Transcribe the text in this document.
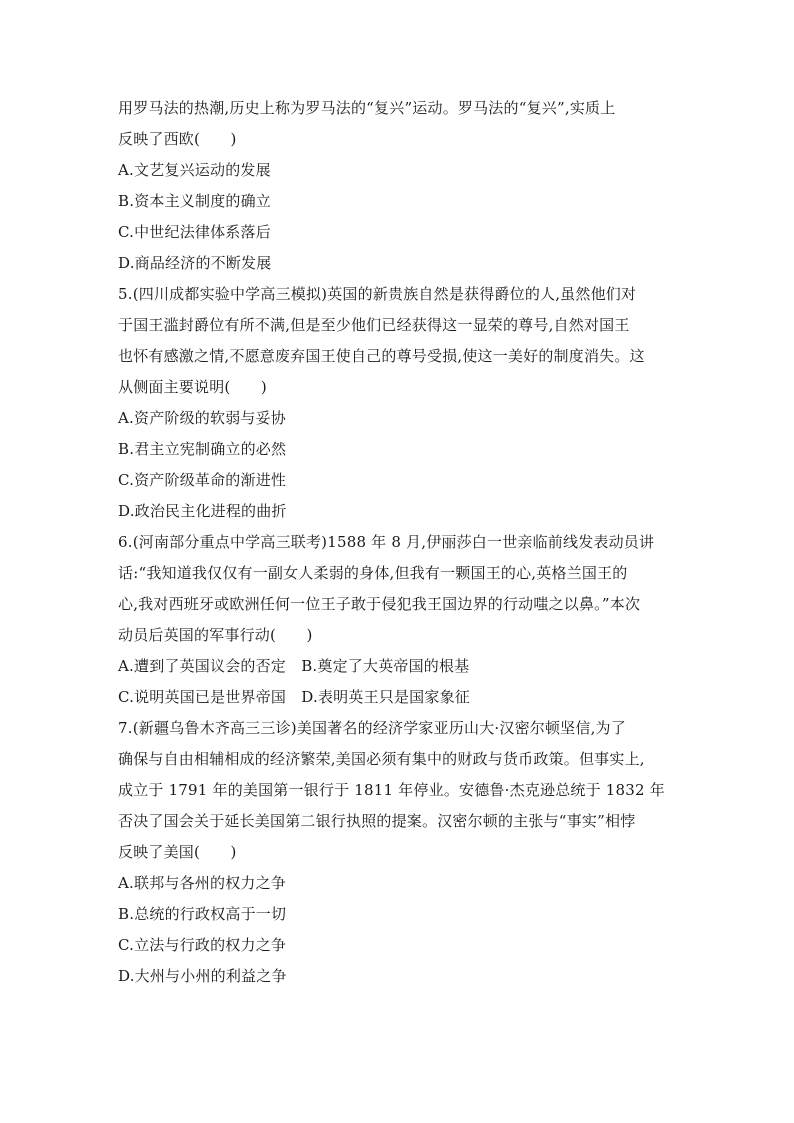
用罗马法的热潮,历史上称为罗马法的“复兴”运动。罗马法的“复兴”,实质上
反映了西欧(　　)
A.文艺复兴运动的发展
B.资本主义制度的确立
C.中世纪法律体系落后
D.商品经济的不断发展
5.(四川成都实验中学高三模拟)英国的新贵族自然是获得爵位的人,虽然他们对
于国王滥封爵位有所不满,但是至少他们已经获得这一显荣的尊号,自然对国王
也怀有感激之情,不愿意废弃国王使自己的尊号受损,使这一美好的制度消失。这
从侧面主要说明(　　)
A.资产阶级的软弱与妥协
B.君主立宪制确立的必然
C.资产阶级革命的渐进性
D.政治民主化进程的曲折
6.(河南部分重点中学高三联考)1588 年 8 月,伊丽莎白一世亲临前线发表动员讲
话:“我知道我仅仅有一副女人柔弱的身体,但我有一颗国王的心,英格兰国王的
心,我对西班牙或欧洲任何一位王子敢于侵犯我王国边界的行动嗤之以鼻。”本次
动员后英国的军事行动(　　)
A.遭到了英国议会的否定　B.奠定了大英帝国的根基
C.说明英国已是世界帝国　D.表明英王只是国家象征
7.(新疆乌鲁木齐高三三诊)美国著名的经济学家亚历山大·汉密尔顿坚信,为了
确保与自由相辅相成的经济繁荣,美国必须有集中的财政与货币政策。但事实上,
成立于 1791 年的美国第一银行于 1811 年停业。安德鲁·杰克逊总统于 1832 年
否决了国会关于延长美国第二银行执照的提案。汉密尔顿的主张与“事实”相悖
反映了美国(　　)
A.联邦与各州的权力之争
B.总统的行政权高于一切
C.立法与行政的权力之争
D.大州与小州的利益之争
